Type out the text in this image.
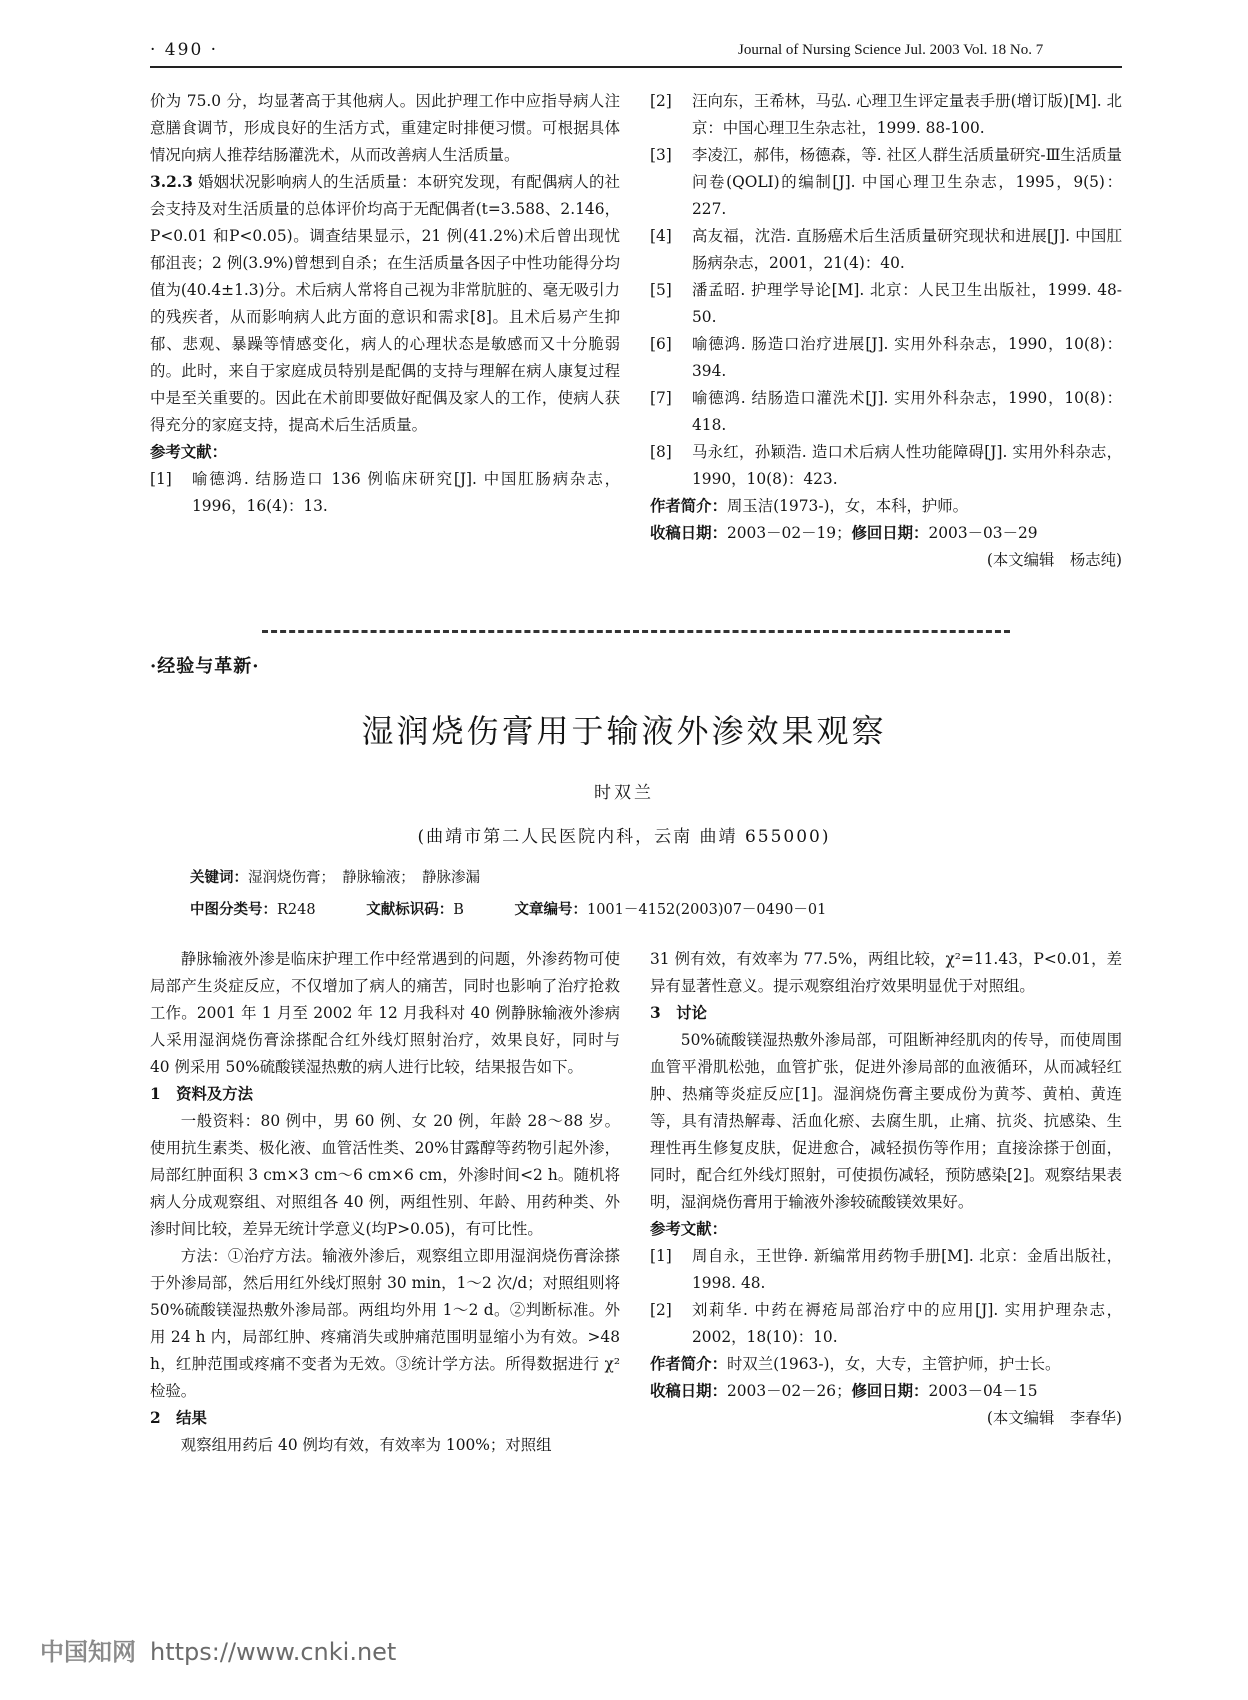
· 490 ·	Journal of Nursing Science Jul. 2003 Vol. 18 No. 7

价为 75.0 分，均显著高于其他病人。因此护理工作中应指导病人注意膳食调节，形成良好的生活方式，重建定时排便习惯。可根据具体情况向病人推荐结肠灌洗术，从而改善病人生活质量。

3.2.3 婚姻状况影响病人的生活质量：本研究发现，有配偶病人的社会支持及对生活质量的总体评价均高于无配偶者(t=3.588、2.146，P<0.01 和P<0.05)。调查结果显示，21 例(41.2%)术后曾出现忧郁沮丧；2 例(3.9%)曾想到自杀；在生活质量各因子中性功能得分均值为(40.4±1.3)分。术后病人常将自己视为非常肮脏的、毫无吸引力的残疾者，从而影响病人此方面的意识和需求[8]。且术后易产生抑郁、悲观、暴躁等情感变化，病人的心理状态是敏感而又十分脆弱的。此时，来自于家庭成员特别是配偶的支持与理解在病人康复过程中是至关重要的。因此在术前即要做好配偶及家人的工作，使病人获得充分的家庭支持，提高术后生活质量。

参考文献：

[1]	喻德鸿. 结肠造口 136 例临床研究[J]. 中国肛肠病杂志，1996，16(4)：13.
[2]	汪向东，王希林，马弘. 心理卫生评定量表手册(增订版)[M]. 北京：中国心理卫生杂志社，1999. 88-100.
[3]	李凌江，郝伟，杨德森，等. 社区人群生活质量研究-Ⅲ生活质量问卷(QOLI)的编制[J]. 中国心理卫生杂志，1995，9(5)：227.
[4]	高友福，沈浩. 直肠癌术后生活质量研究现状和进展[J]. 中国肛肠病杂志，2001，21(4)：40.
[5]	潘孟昭. 护理学导论[M]. 北京：人民卫生出版社，1999. 48-50.
[6]	喻德鸿. 肠造口治疗进展[J]. 实用外科杂志，1990，10(8)：394.
[7]	喻德鸿. 结肠造口灌洗术[J]. 实用外科杂志，1990，10(8)：418.
[8]	马永红，孙颖浩. 造口术后病人性功能障碍[J]. 实用外科杂志，1990，10(8)：423.

作者简介：周玉洁(1973-)，女，本科，护师。

收稿日期：2003－02－19；修回日期：2003－03－29

(本文编辑　杨志纯)

·经验与革新·
湿润烧伤膏用于输液外渗效果观察
时双兰
(曲靖市第二人民医院内科，云南 曲靖 655000)
关键词：湿润烧伤膏；　静脉输液；　静脉渗漏
中图分类号：R248	文献标识码：B	文章编号：1001－4152(2003)07－0490－01

静脉输液外渗是临床护理工作中经常遇到的问题，外渗药物可使局部产生炎症反应，不仅增加了病人的痛苦，同时也影响了治疗抢救工作。2001 年 1 月至 2002 年 12 月我科对 40 例静脉输液外渗病人采用湿润烧伤膏涂搽配合红外线灯照射治疗，效果良好，同时与 40 例采用 50%硫酸镁湿热敷的病人进行比较，结果报告如下。

1　资料及方法

一般资料：80 例中，男 60 例、女 20 例，年龄 28～88 岁。使用抗生素类、极化液、血管活性类、20%甘露醇等药物引起外渗，局部红肿面积 3 cm×3 cm～6 cm×6 cm，外渗时间<2 h。随机将病人分成观察组、对照组各 40 例，两组性别、年龄、用药种类、外渗时间比较，差异无统计学意义(均P>0.05)，有可比性。

方法：①治疗方法。输液外渗后，观察组立即用湿润烧伤膏涂搽于外渗局部，然后用红外线灯照射 30 min，1～2 次/d；对照组则将 50%硫酸镁湿热敷外渗局部。两组均外用 1～2 d。②判断标准。外用 24 h 内，局部红肿、疼痛消失或肿痛范围明显缩小为有效。>48 h，红肿范围或疼痛不变者为无效。③统计学方法。所得数据进行 χ² 检验。

2　结果

观察组用药后 40 例均有效，有效率为 100%；对照组

31 例有效，有效率为 77.5%，两组比较，χ²=11.43，P<0.01，差异有显著性意义。提示观察组治疗效果明显优于对照组。

3　讨论

50%硫酸镁湿热敷外渗局部，可阻断神经肌肉的传导，而使周围血管平滑肌松弛，血管扩张，促进外渗局部的血液循环，从而减轻红肿、热痛等炎症反应[1]。湿润烧伤膏主要成份为黄芩、黄柏、黄连等，具有清热解毒、活血化瘀、去腐生肌，止痛、抗炎、抗感染、生理性再生修复皮肤，促进愈合，减轻损伤等作用；直接涂搽于创面，同时，配合红外线灯照射，可使损伤减轻，预防感染[2]。观察结果表明，湿润烧伤膏用于输液外渗较硫酸镁效果好。

参考文献：

[1]	周自永，王世铮. 新编常用药物手册[M]. 北京：金盾出版社，1998. 48.
[2]	刘莉华. 中药在褥疮局部治疗中的应用[J]. 实用护理杂志，2002，18(10)：10.

作者简介：时双兰(1963-)，女，大专，主管护师，护士长。

收稿日期：2003－02－26；修回日期：2003－04－15

(本文编辑　李春华)

中国知网 https://www.cnki.net
